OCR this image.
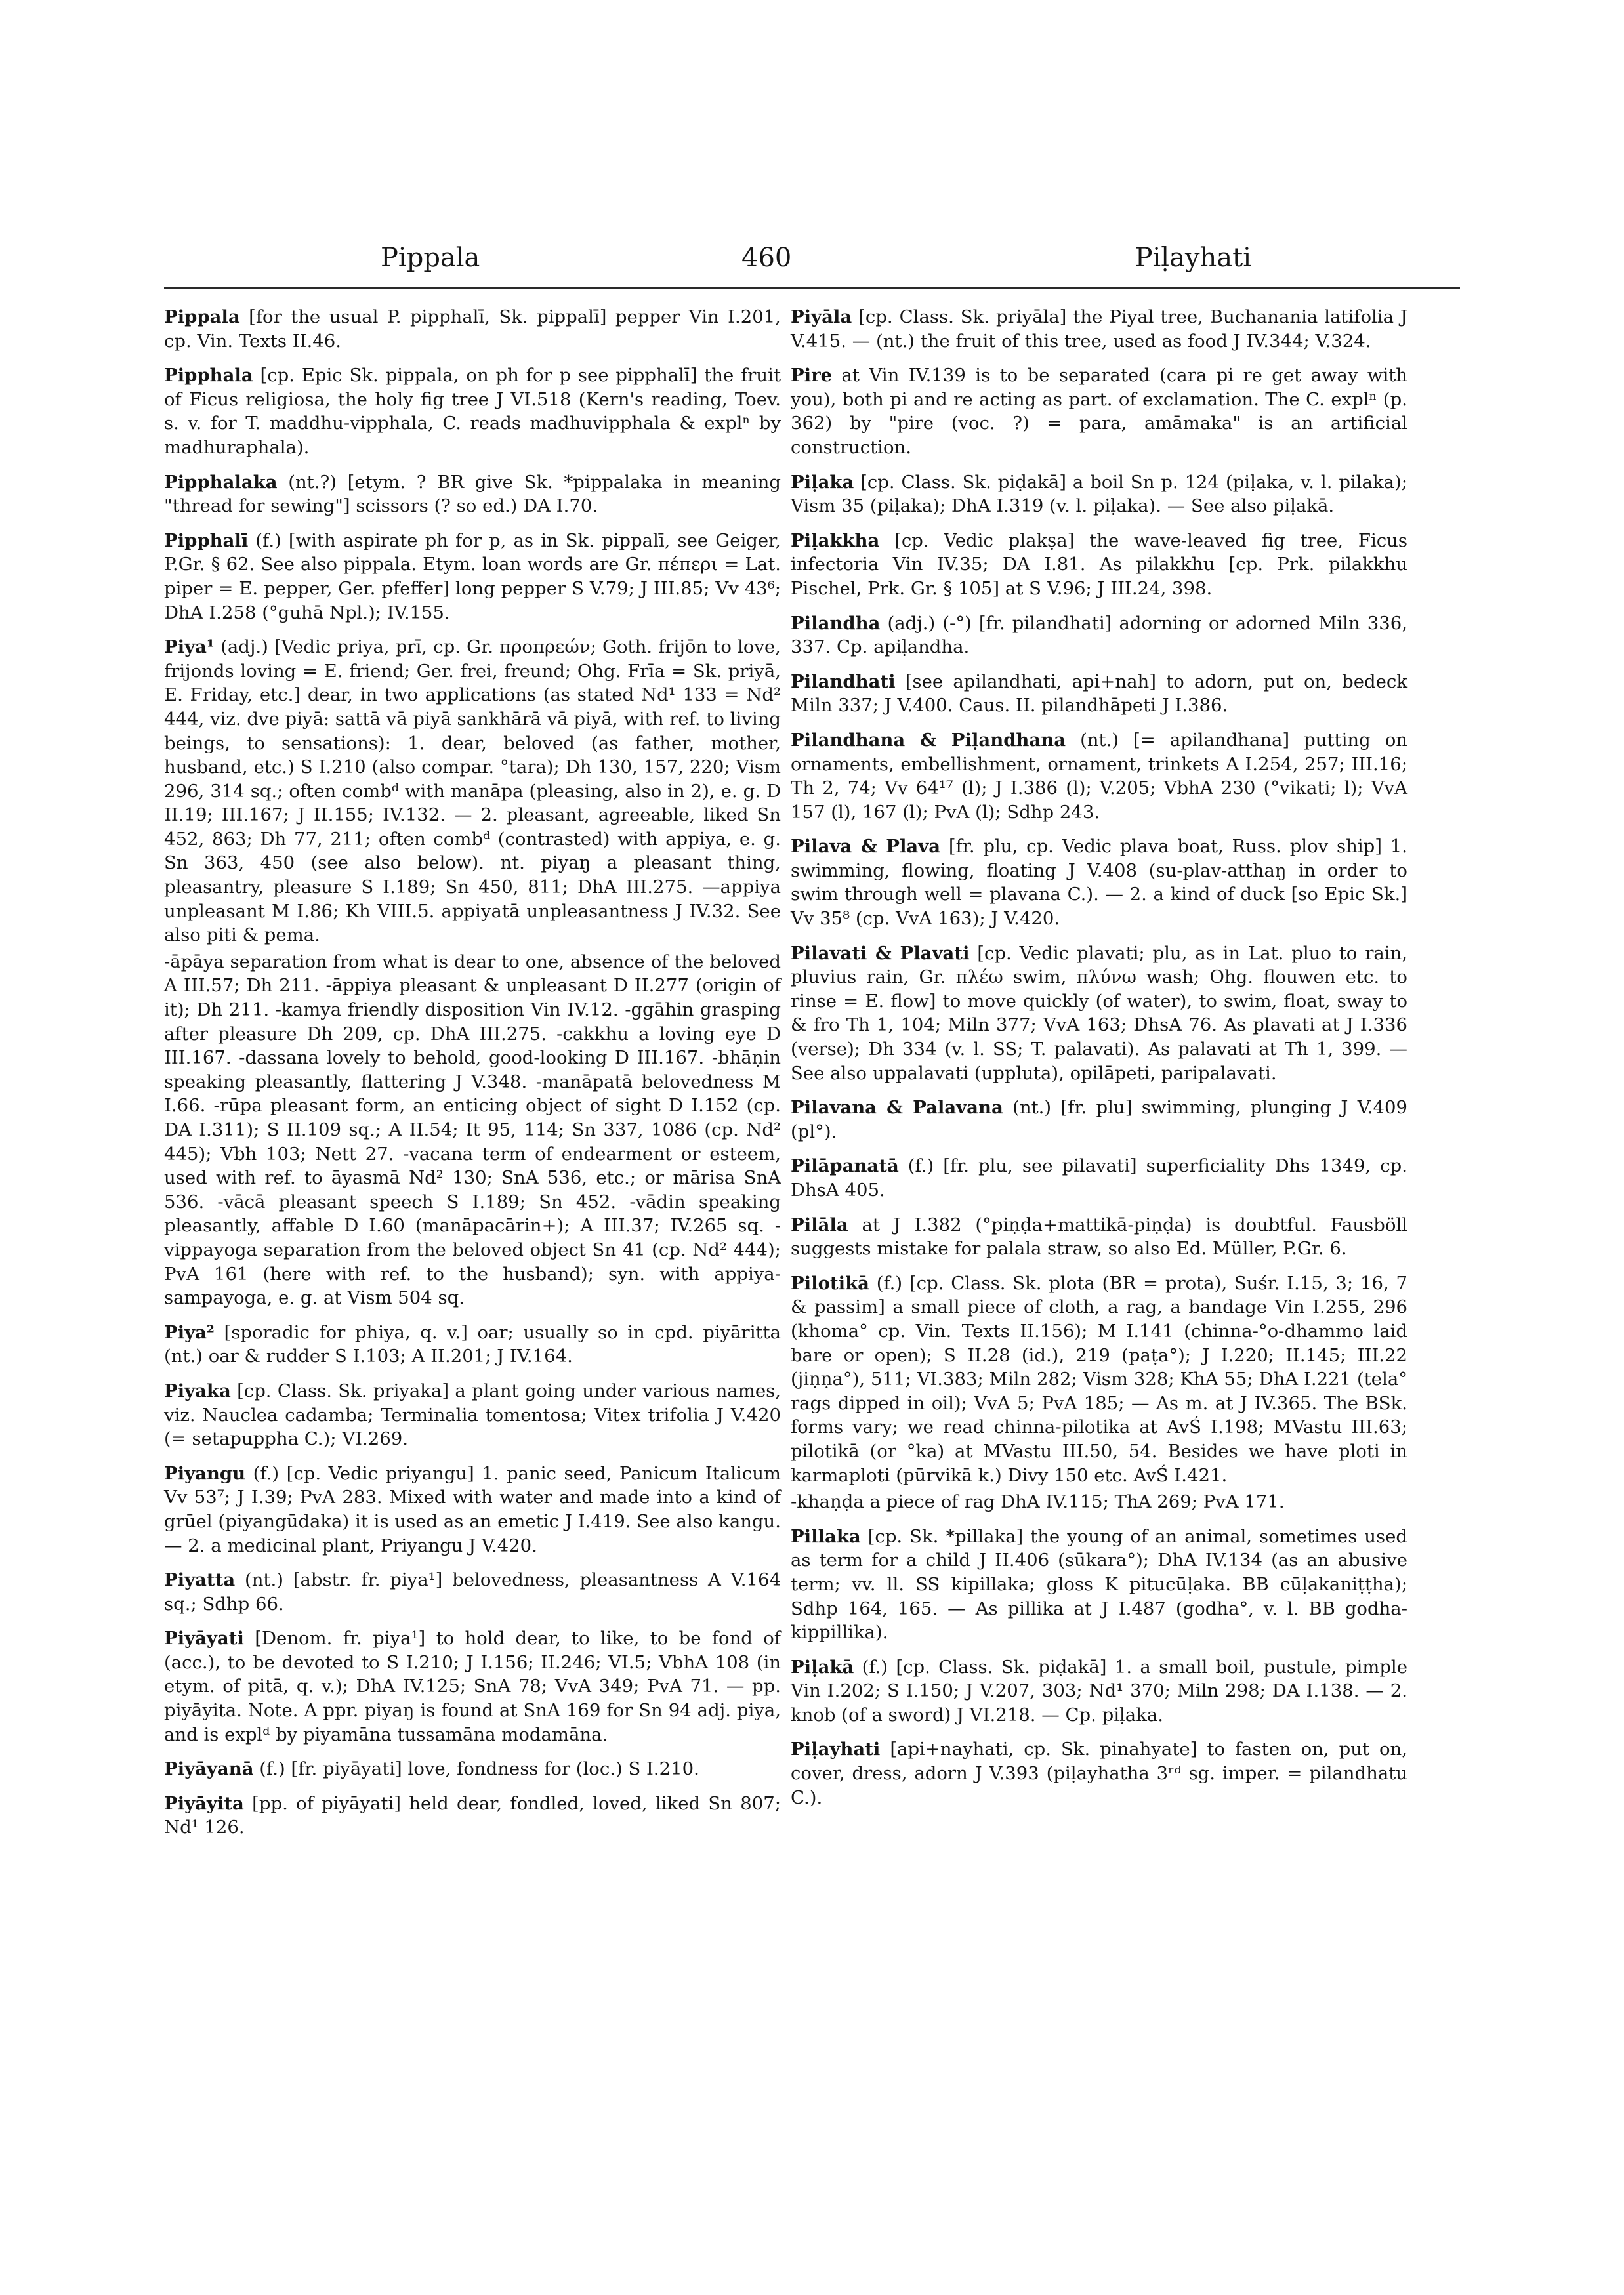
Pippala	460	Piḷayhati

Pippala [for the usual P. pipphalī, Sk. pippalī] pepper Vin I.201, cp. Vin. Texts II.46.

Pipphala [cp. Epic Sk. pippala, on ph for p see pipphalī] the fruit of Ficus religiosa, the holy fig tree J VI.518 (Kern's reading, Toev. s. v. for T. maddhu-vipphala, C. reads madhuvipphala & explⁿ by madhuraphala).

Pipphalaka (nt.?) [etym. ? BR give Sk. *pippalaka in meaning "thread for sewing"] scissors (? so ed.) DA I.70.

Pipphalī (f.) [with aspirate ph for p, as in Sk. pippalī, see Geiger, P.Gr. § 62. See also pippala. Etym. loan words are Gr. πέπερι = Lat. piper = E. pepper, Ger. pfeffer] long pepper S V.79; J III.85; Vv 43⁶; DhA I.258 (°guhā Npl.); IV.155.

Piya¹ (adj.) [Vedic priya, prī, cp. Gr. προπρεών; Goth. frijōn to love, frijonds loving = E. friend; Ger. frei, freund; Ohg. Frīa = Sk. priyā, E. Friday, etc.] dear, in two applications (as stated Nd¹ 133 = Nd² 444, viz. dve piyā: sattā vā piyā sankhārā vā piyā, with ref. to living beings, to sensations): 1. dear, beloved (as father, mother, husband, etc.) S I.210 (also compar. °tara); Dh 130, 157, 220; Vism 296, 314 sq.; often combᵈ with manāpa (pleasing, also in 2), e. g. D II.19; III.167; J II.155; IV.132. — 2. pleasant, agreeable, liked Sn 452, 863; Dh 77, 211; often combᵈ (contrasted) with appiya, e. g. Sn 363, 450 (see also below). nt. piyaŋ a pleasant thing, pleasantry, pleasure S I.189; Sn 450, 811; DhA III.275. —appiya unpleasant M I.86; Kh VIII.5. appiyatā unpleasantness J IV.32. See also piti & pema.

-āpāya separation from what is dear to one, absence of the beloved A III.57; Dh 211. -āppiya pleasant & unpleasant D II.277 (origin of it); Dh 211. -kamya friendly disposition Vin IV.12. -ggāhin grasping after pleasure Dh 209, cp. DhA III.275. -cakkhu a loving eye D III.167. -dassana lovely to behold, good-looking D III.167. -bhāṇin speaking pleasantly, flattering J V.348. -manāpatā belovedness M I.66. -rūpa pleasant form, an enticing object of sight D I.152 (cp. DA I.311); S II.109 sq.; A II.54; It 95, 114; Sn 337, 1086 (cp. Nd² 445); Vbh 103; Nett 27. -vacana term of endearment or esteem, used with ref. to āyasmā Nd² 130; SnA 536, etc.; or mārisa SnA 536. -vācā pleasant speech S I.189; Sn 452. -vādin speaking pleasantly, affable D I.60 (manāpacārin+); A III.37; IV.265 sq. -vippayoga separation from the beloved object Sn 41 (cp. Nd² 444); PvA 161 (here with ref. to the husband); syn. with appiya-sampayoga, e. g. at Vism 504 sq.

Piya² [sporadic for phiya, q. v.] oar; usually so in cpd. piyāritta (nt.) oar & rudder S I.103; A II.201; J IV.164.

Piyaka [cp. Class. Sk. priyaka] a plant going under various names, viz. Nauclea cadamba; Terminalia tomentosa; Vitex trifolia J V.420 (= setapuppha C.); VI.269.

Piyangu (f.) [cp. Vedic priyangu] 1. panic seed, Panicum Italicum Vv 53⁷; J I.39; PvA 283. Mixed with water and made into a kind of grūel (piyangūdaka) it is used as an emetic J I.419. See also kangu. — 2. a medicinal plant, Priyangu J V.420.

Piyatta (nt.) [abstr. fr. piya¹] belovedness, pleasantness A V.164 sq.; Sdhp 66.

Piyāyati [Denom. fr. piya¹] to hold dear, to like, to be fond of (acc.), to be devoted to S I.210; J I.156; II.246; VI.5; VbhA 108 (in etym. of pitā, q. v.); DhA IV.125; SnA 78; VvA 349; PvA 71. — pp. piyāyita. Note. A ppr. piyaŋ is found at SnA 169 for Sn 94 adj. piya, and is explᵈ by piyamāna tussamāna modamāna.

Piyāyanā (f.) [fr. piyāyati] love, fondness for (loc.) S I.210.

Piyāyita [pp. of piyāyati] held dear, fondled, loved, liked Sn 807; Nd¹ 126.

Piyāla [cp. Class. Sk. priyāla] the Piyal tree, Buchanania latifolia J V.415. — (nt.) the fruit of this tree, used as food J IV.344; V.324.

Pire at Vin IV.139 is to be separated (cara pi re get away with you), both pi and re acting as part. of exclamation. The C. explⁿ (p. 362) by "pire (voc. ?) = para, amāmaka" is an artificial construction.

Piḷaka [cp. Class. Sk. piḍakā] a boil Sn p. 124 (piḷaka, v. l. pilaka); Vism 35 (piḷaka); DhA I.319 (v. l. piḷaka). — See also piḷakā.

Piḷakkha [cp. Vedic plakṣa] the wave-leaved fig tree, Ficus infectoria Vin IV.35; DA I.81. As pilakkhu [cp. Prk. pilakkhu Pischel, Prk. Gr. § 105] at S V.96; J III.24, 398.

Pilandha (adj.) (-°) [fr. pilandhati] adorning or adorned Miln 336, 337. Cp. apiḷandha.

Pilandhati [see apilandhati, api+nah] to adorn, put on, bedeck Miln 337; J V.400. Caus. II. pilandhāpeti J I.386.

Pilandhana & Piḷandhana (nt.) [= apilandhana] putting on ornaments, embellishment, ornament, trinkets A I.254, 257; III.16; Th 2, 74; Vv 64¹⁷ (l); J I.386 (l); V.205; VbhA 230 (°vikati; l); VvA 157 (l), 167 (l); PvA (l); Sdhp 243.

Pilava & Plava [fr. plu, cp. Vedic plava boat, Russ. plov ship] 1. swimming, flowing, floating J V.408 (su-plav-atthaŋ in order to swim through well = plavana C.). — 2. a kind of duck [so Epic Sk.] Vv 35⁸ (cp. VvA 163); J V.420.

Pilavati & Plavati [cp. Vedic plavati; plu, as in Lat. pluo to rain, pluvius rain, Gr. πλέω swim, πλύνω wash; Ohg. flouwen etc. to rinse = E. flow] to move quickly (of water), to swim, float, sway to & fro Th 1, 104; Miln 377; VvA 163; DhsA 76. As plavati at J I.336 (verse); Dh 334 (v. l. SS; T. palavati). As palavati at Th 1, 399. — See also uppalavati (uppluta), opilāpeti, paripalavati.

Pilavana & Palavana (nt.) [fr. plu] swimming, plunging J V.409 (pl°).

Pilāpanatā (f.) [fr. plu, see pilavati] superficiality Dhs 1349, cp. DhsA 405.

Pilāla at J I.382 (°piṇḍa+mattikā-piṇḍa) is doubtful. Fausböll suggests mistake for palala straw, so also Ed. Müller, P.Gr. 6.

Pilotikā (f.) [cp. Class. Sk. plota (BR = prota), Suśr. I.15, 3; 16, 7 & passim] a small piece of cloth, a rag, a bandage Vin I.255, 296 (khoma° cp. Vin. Texts II.156); M I.141 (chinna-°o-dhammo laid bare or open); S II.28 (id.), 219 (paṭa°); J I.220; II.145; III.22 (jiṇṇa°), 511; VI.383; Miln 282; Vism 328; KhA 55; DhA I.221 (tela° rags dipped in oil); VvA 5; PvA 185; — As m. at J IV.365. The BSk. forms vary; we read chinna-pilotika at AvŚ I.198; MVastu III.63; pilotikā (or °ka) at MVastu III.50, 54. Besides we have ploti in karmaploti (pūrvikā k.) Divy 150 etc. AvŚ I.421.

-khaṇḍa a piece of rag DhA IV.115; ThA 269; PvA 171.

Pillaka [cp. Sk. *pillaka] the young of an animal, sometimes used as term for a child J II.406 (sūkara°); DhA IV.134 (as an abusive term; vv. ll. SS kipillaka; gloss K pitucūḷaka. BB cūḷakaniṭṭha); Sdhp 164, 165. — As pillika at J I.487 (godha°, v. l. BB godha-kippillika).

Piḷakā (f.) [cp. Class. Sk. piḍakā] 1. a small boil, pustule, pimple Vin I.202; S I.150; J V.207, 303; Nd¹ 370; Miln 298; DA I.138. — 2. knob (of a sword) J VI.218. — Cp. piḷaka.

Piḷayhati [api+nayhati, cp. Sk. pinahyate] to fasten on, put on, cover, dress, adorn J V.393 (piḷayhatha 3ʳᵈ sg. imper. = pilandhatu C.).
